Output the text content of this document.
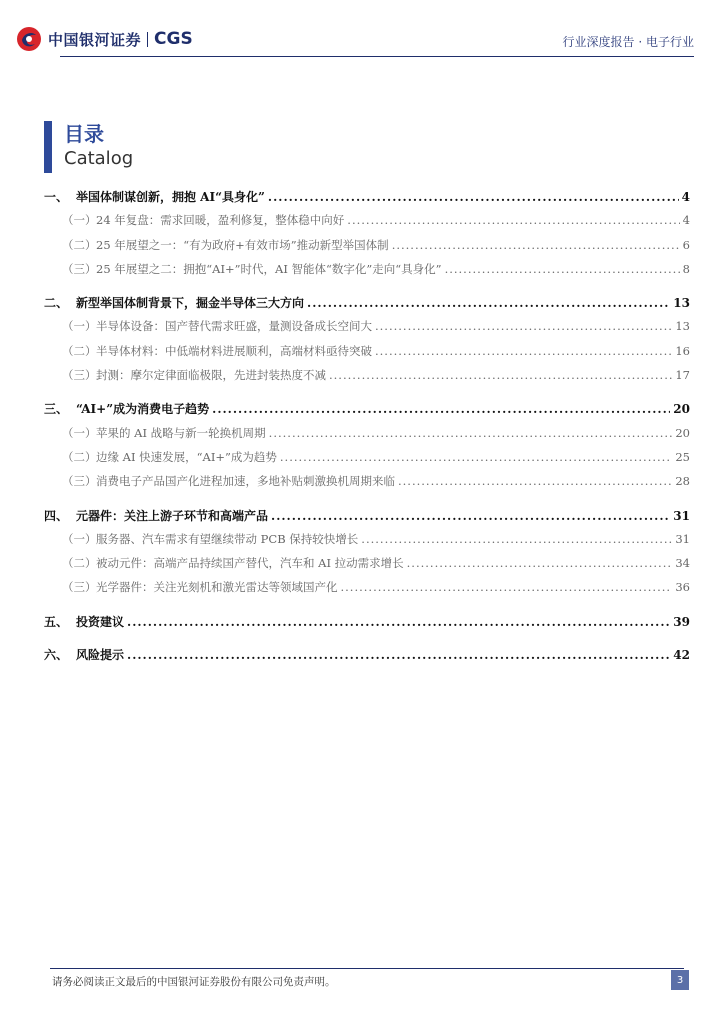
中国银河证券 CGS	行业深度报告 · 电子行业
目录
Catalog
一、 举国体制谋创新，拥抱 AI“具身化” .....	4
（一） 24 年复盘：需求回暖，盈利修复，整体稳中向好 .....	4
（二） 25 年展望之一：“有为政府+有效市场”推动新型举国体制 .....	6
（三） 25 年展望之二：拥抱“AI+”时代，AI 智能体“数字化”走向“具身化” .....	8
二、 新型举国体制背景下，掘金半导体三大方向 .....	13
（一） 半导体设备：国产替代需求旺盛，量测设备成长空间大 .....	13
（二） 半导体材料：中低端材料进展顺利，高端材料亟待突破 .....	16
（三） 封测：摩尔定律面临极限，先进封装热度不减 .....	17
三、 “AI+”成为消费电子趋势 .....	20
（一） 苹果的 AI 战略与新一轮换机周期 .....	20
（二） 边缘 AI 快速发展，“AI+”成为趋势 .....	25
（三） 消费电子产品国产化进程加速，多地补贴刺激换机周期来临 .....	28
四、 元器件：关注上游子环节和高端产品 .....	31
（一） 服务器、汽车需求有望继续带动 PCB 保持较快增长 .....	31
（二） 被动元件：高端产品持续国产替代，汽车和 AI 拉动需求增长 .....	34
（三） 光学器件：关注光刻机和激光雷达等领域国产化 .....	36
五、 投资建议 .....	39
六、 风险提示 .....	42
请务必阅读正文最后的中国银河证券股份有限公司免责声明。	3
